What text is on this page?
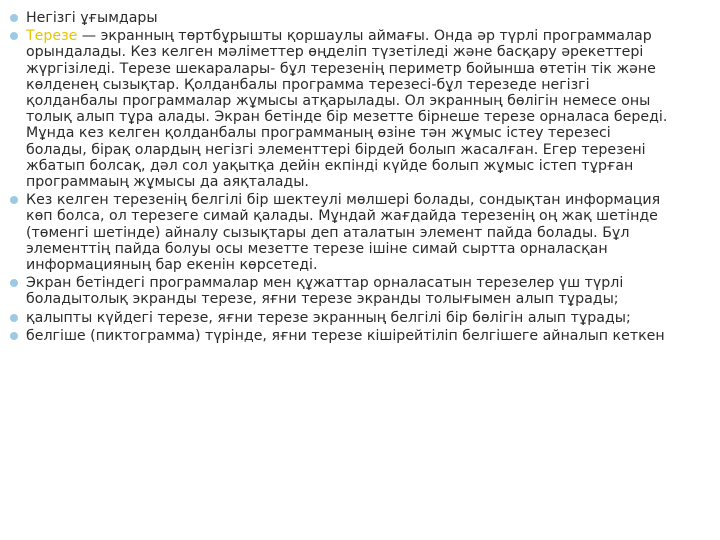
Негізгі ұғымдары
Терезе — экранның төртбұрышты қоршаулы аймағы. Онда әр түрлі программалар орындалады. Кез келген мәліметтер өңделіп түзетіледі және басқару әрекеттері жүргізіледі. Терезе шекаралары- бұл терезенің периметр бойынша өтетін тік және көлденең сызықтар. Қолданбалы программа терезесі-бұл терезеде негізгі қолданбалы программалар жұмысы атқарылады. Ол экранның бөлігін немесе оны толық алып тұра алады. Экран бетінде бір мезетте бірнеше терезе орналаса береді. Мұнда кез келген қолданбалы программаның өзіне тән жұмыс істеу терезесі болады, бірақ олардың негізгі элементтері бірдей болып жасалған. Егер терезені жбатып болсақ, дәл сол уақытқа дейін екпінді күйде болып жұмыс істеп тұрған программаың жұмысы да аяқталады.
Кез келген терезенің белгілі бір шектеулі мөлшері болады, сондықтан информация көп болса, ол терезеге симай қалады. Мұндай жағдайда терезенің оң жақ шетінде (төменгі шетінде) айналу сызықтары деп аталатын элемент пайда болады. Бұл элементтің пайда болуы осы мезетте терезе ішіне симай сыртта орналасқан информацияның бар екенін көрсетеді.
Экран бетіндегі программалар мен құжаттар орналасатын терезелер үш түрлі боладытолық экранды терезе, яғни терезе экранды толығымен алып тұрады;
қалыпты күйдегі терезе, яғни терезе экранның белгілі бір бөлігін алып тұрады;
белгіше (пиктограмма) түрінде, яғни терезе кішірейтіліп белгішеге айналып кеткен
